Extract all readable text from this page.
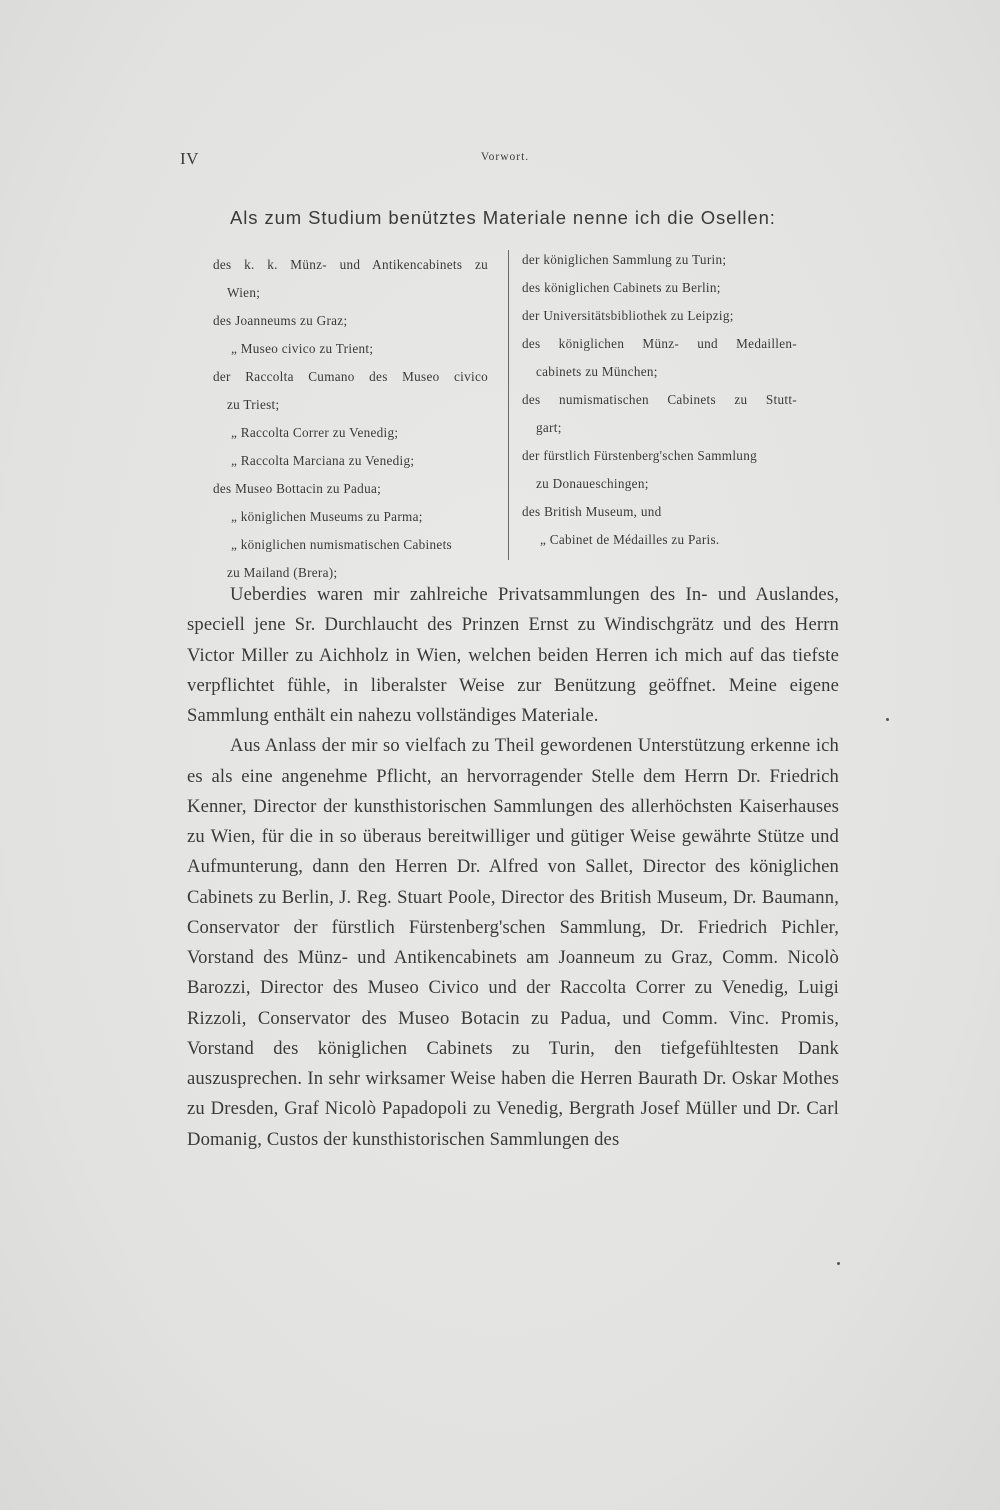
IV	Vorwort.
Als zum Studium benütztes Materiale nenne ich die Osellen:
des k. k. Münz- und Antikencabinets zu
Wien;
des Joanneums zu Graz;
„ Museo civico zu Trient;
der Raccolta Cumano des Museo civico
zu Triest;
„ Raccolta Correr zu Venedig;
„ Raccolta Marciana zu Venedig;
des Museo Bottacin zu Padua;
„ königlichen Museums zu Parma;
„ königlichen numismatischen Cabinets
zu Mailand (Brera);
der königlichen Sammlung zu Turin;
des königlichen Cabinets zu Berlin;
der Universitätsbibliothek zu Leipzig;
des königlichen Münz- und Medaillen-
cabinets zu München;
des numismatischen Cabinets zu Stutt-
gart;
der fürstlich Fürstenberg'schen Sammlung
zu Donaueschingen;
des British Museum, und
„ Cabinet de Médailles zu Paris.

Ueberdies waren mir zahlreiche Privatsammlungen des In- und Auslandes, speciell jene Sr. Durchlaucht des Prinzen Ernst zu Windischgrätz und des Herrn Victor Miller zu Aichholz in Wien, welchen beiden Herren ich mich auf das tiefste verpflichtet fühle, in liberalster Weise zur Benützung geöffnet. Meine eigene Sammlung enthält ein nahezu vollständiges Materiale.

Aus Anlass der mir so vielfach zu Theil gewordenen Unterstützung erkenne ich es als eine angenehme Pflicht, an hervorragender Stelle dem Herrn Dr. Friedrich Kenner, Director der kunsthistorischen Sammlungen des allerhöchsten Kaiserhauses zu Wien, für die in so überaus bereitwilliger und gütiger Weise gewährte Stütze und Aufmunterung, dann den Herren Dr. Alfred von Sallet, Director des königlichen Cabinets zu Berlin, J. Reg. Stuart Poole, Director des British Museum, Dr. Baumann, Conservator der fürstlich Fürstenberg'schen Sammlung, Dr. Friedrich Pichler, Vorstand des Münz- und Antikencabinets am Joanneum zu Graz, Comm. Nicolò Barozzi, Director des Museo Civico und der Raccolta Correr zu Venedig, Luigi Rizzoli, Conservator des Museo Botacin zu Padua, und Comm. Vinc. Promis, Vorstand des königlichen Cabinets zu Turin, den tiefgefühltesten Dank auszusprechen. In sehr wirksamer Weise haben die Herren Baurath Dr. Oskar Mothes zu Dresden, Graf Nicolò Papadopoli zu Venedig, Bergrath Josef Müller und Dr. Carl Domanig, Custos der kunsthistorischen Sammlungen des
